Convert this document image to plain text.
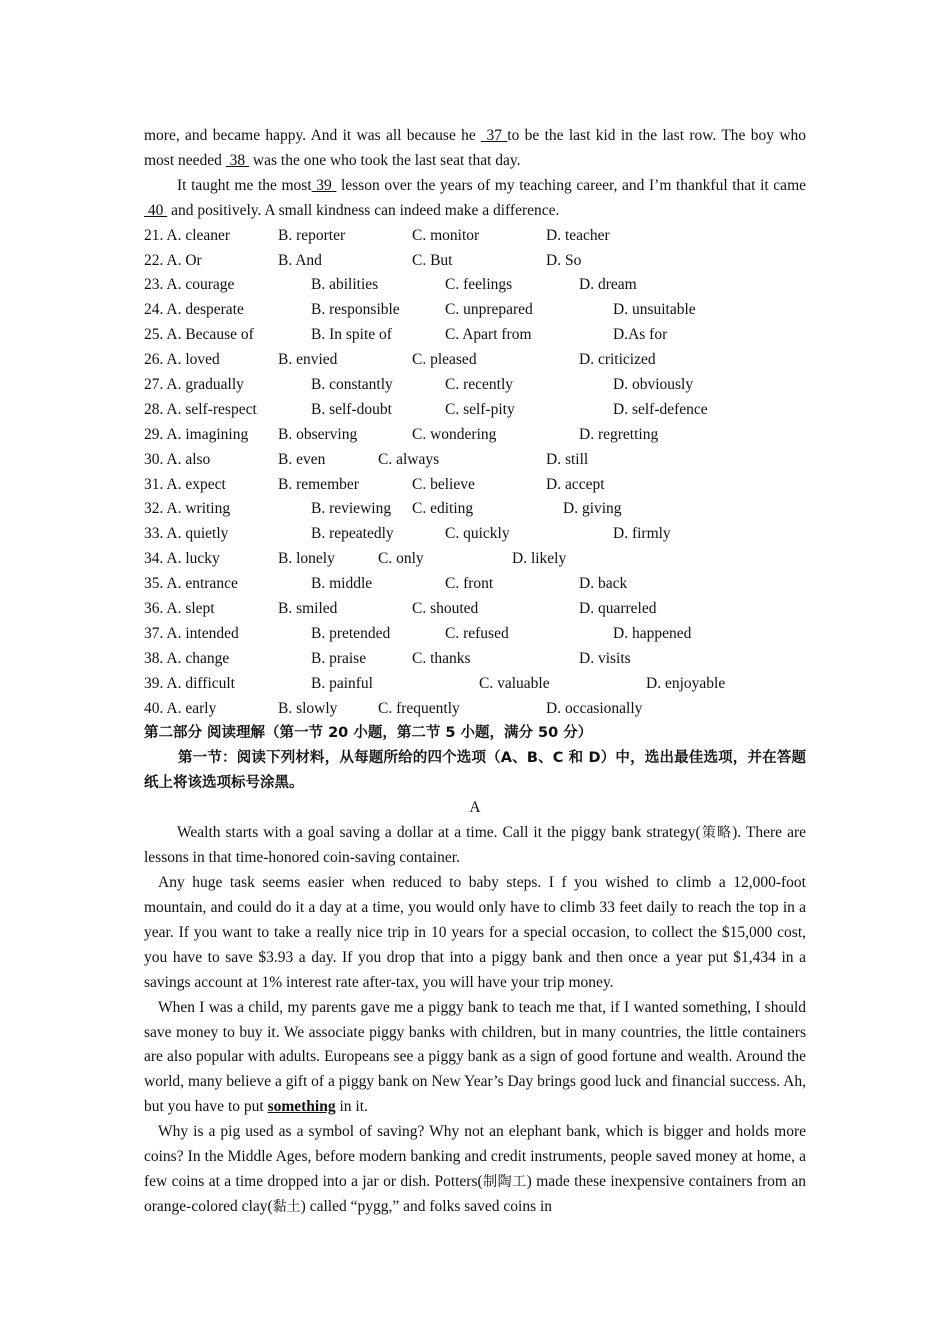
more, and became happy. And it was all because he  37 to be the last kid in the last row. The boy who most needed  38  was the one who took the last seat that day.

It taught me the most 39  lesson over the years of my teaching career, and I’m thankful that it came  40  and positively. A small kindness can indeed make a difference.

21. A. cleaner	B. reporter	C. monitor	D. teacher
22. A. Or	B. And	C. But	D. So
23. A. courage	B. abilities	C. feelings	D. dream
24. A. desperate	B. responsible	C. unprepared	D. unsuitable
25. A. Because of	B. In spite of	C. Apart from	D.As for
26. A. loved	B. envied	C. pleased	D. criticized
27. A. gradually	B. constantly	C. recently	D. obviously
28. A. self-respect	B. self-doubt	C. self-pity	D. self-defence
29. A. imagining B. observing	C. wondering	D. regretting
30. A. also	B. even	C. always	D. still
31. A. expect	B. remember	C. believe	D. accept
32. A. writing	B. reviewing C. editing	D. giving
33. A. quietly	B. repeatedly	C. quickly	D. firmly
34. A. lucky	B. lonely	C. only	D. likely
35. A. entrance	B. middle	C. front	D. back
36. A. slept	B. smiled	C. shouted	D. quarreled
37. A. intended	B. pretended	C. refused	D. happened
38. A. change	B. praise	C. thanks	D. visits
39. A. difficult	B. painful	C. valuable	D. enjoyable
40. A. early	B. slowly	C. frequently	D. occasionally

第二部分 阅读理解（第一节 20 小题，第二节 5 小题，满分 50 分）

第一节：阅读下列材料，从每题所给的四个选项（A、B、C 和 D）中，选出最佳选项，并在答题纸上将该选项标号涂黑。

A

Wealth starts with a goal saving a dollar at a time. Call it the piggy bank strategy(策略). There are lessons in that time-honored coin-saving container.

Any huge task seems easier when reduced to baby steps. I f you wished to climb a 12,000-foot mountain, and could do it a day at a time, you would only have to climb 33 feet daily to reach the top in a year. If you want to take a really nice trip in 10 years for a special occasion, to collect the $15,000 cost, you have to save $3.93 a day. If you drop that into a piggy bank and then once a year put $1,434 in a savings account at 1% interest rate after-tax, you will have your trip money.

When I was a child, my parents gave me a piggy bank to teach me that, if I wanted something, I should save money to buy it. We associate piggy banks with children, but in many countries, the little containers are also popular with adults. Europeans see a piggy bank as a sign of good fortune and wealth. Around the world, many believe a gift of a piggy bank on New Year’s Day brings good luck and financial success. Ah, but you have to put something in it.

Why is a pig used as a symbol of saving? Why not an elephant bank, which is bigger and holds more coins? In the Middle Ages, before modern banking and credit instruments, people saved money at home, a few coins at a time dropped into a jar or dish. Potters(制陶工) made these inexpensive containers from an orange-colored clay(黏土) called “pygg,” and folks saved coins in
